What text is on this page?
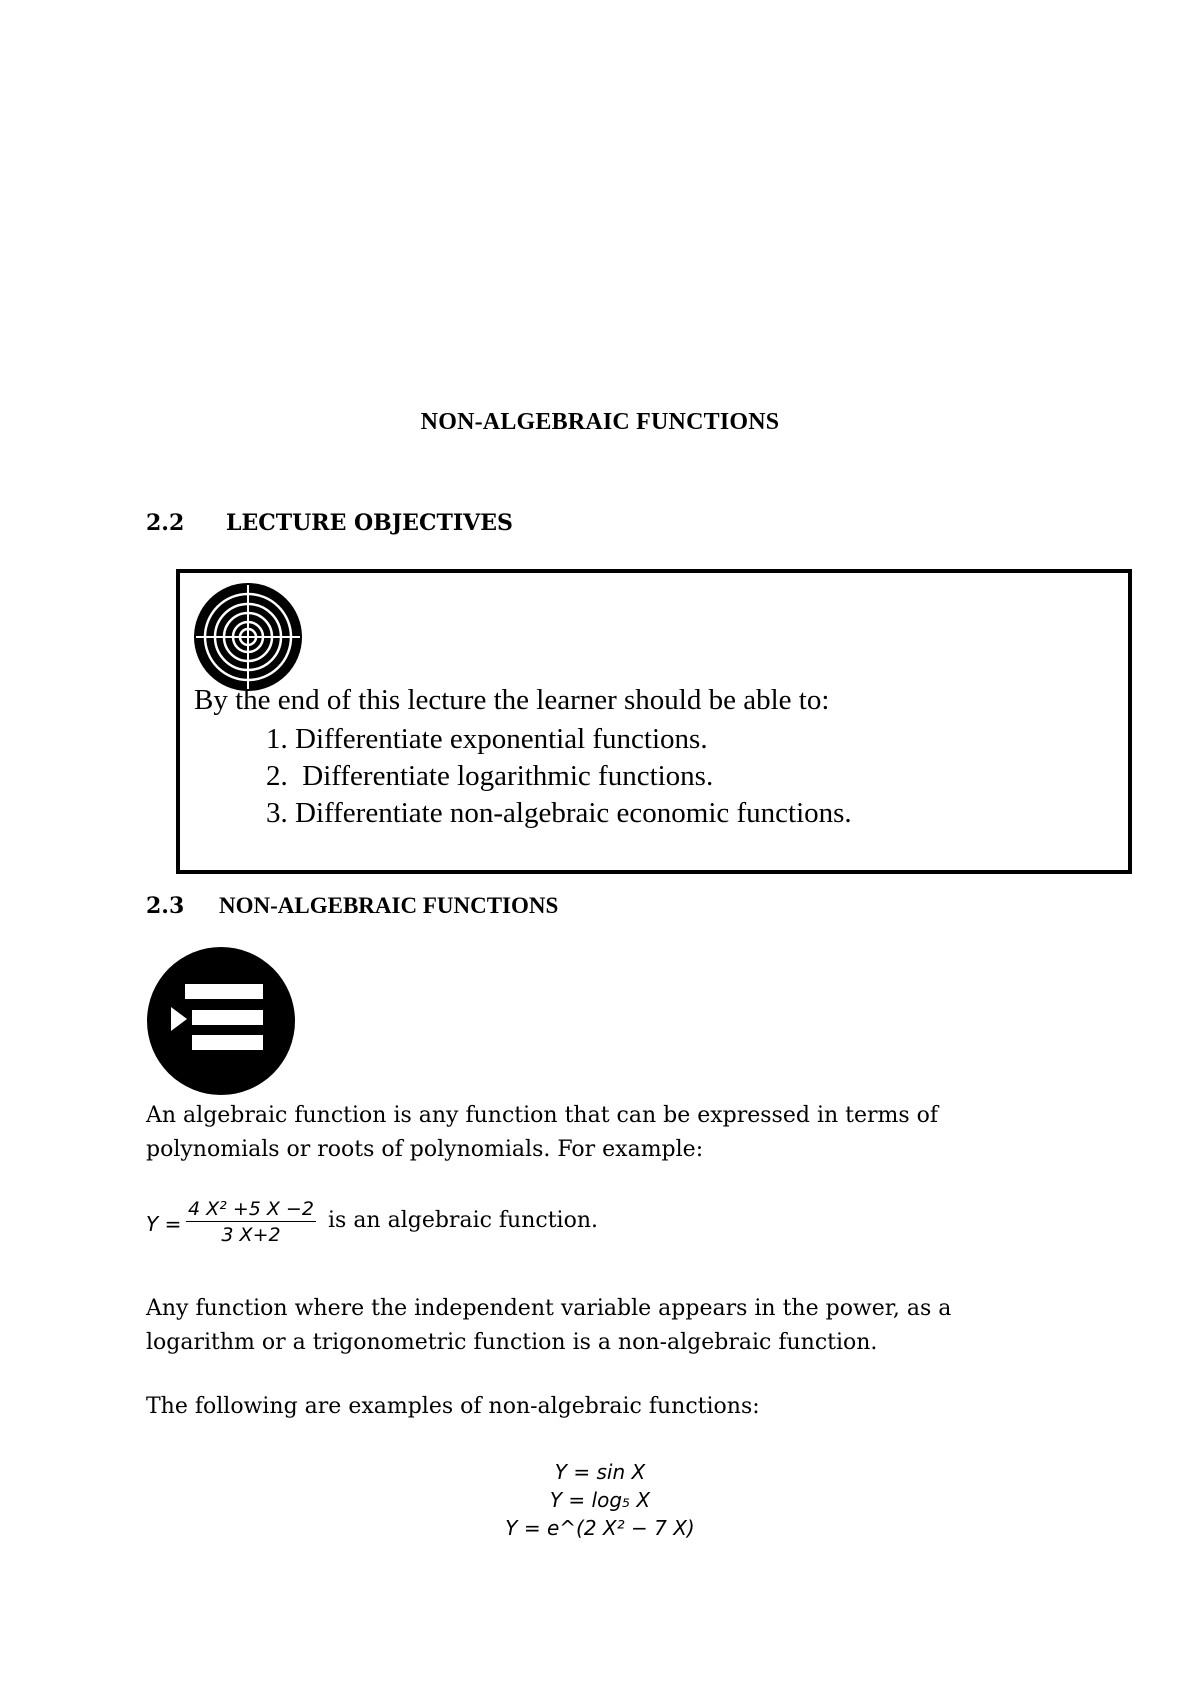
NON-ALGEBRAIC FUNCTIONS
2.2 LECTURE OBJECTIVES
By the end of this lecture the learner should be able to:
1. Differentiate exponential functions.
2.  Differentiate logarithmic functions.
3. Differentiate non-algebraic economic functions.
2.3 NON-ALGEBRAIC FUNCTIONS

An algebraic function is any function that can be expressed in terms of polynomials or roots of polynomials. For example:

$Y = \frac{\text{4 X² +5 X −2}}{3 X+2}$ is an algebraic function.

Any function where the independent variable appears in the power, as a logarithm or a trigonometric function is a non-algebraic function.

The following are examples of non-algebraic functions:

Y = sin X
Y = log₅ X
Y = e^(2 X² − 7 X)
